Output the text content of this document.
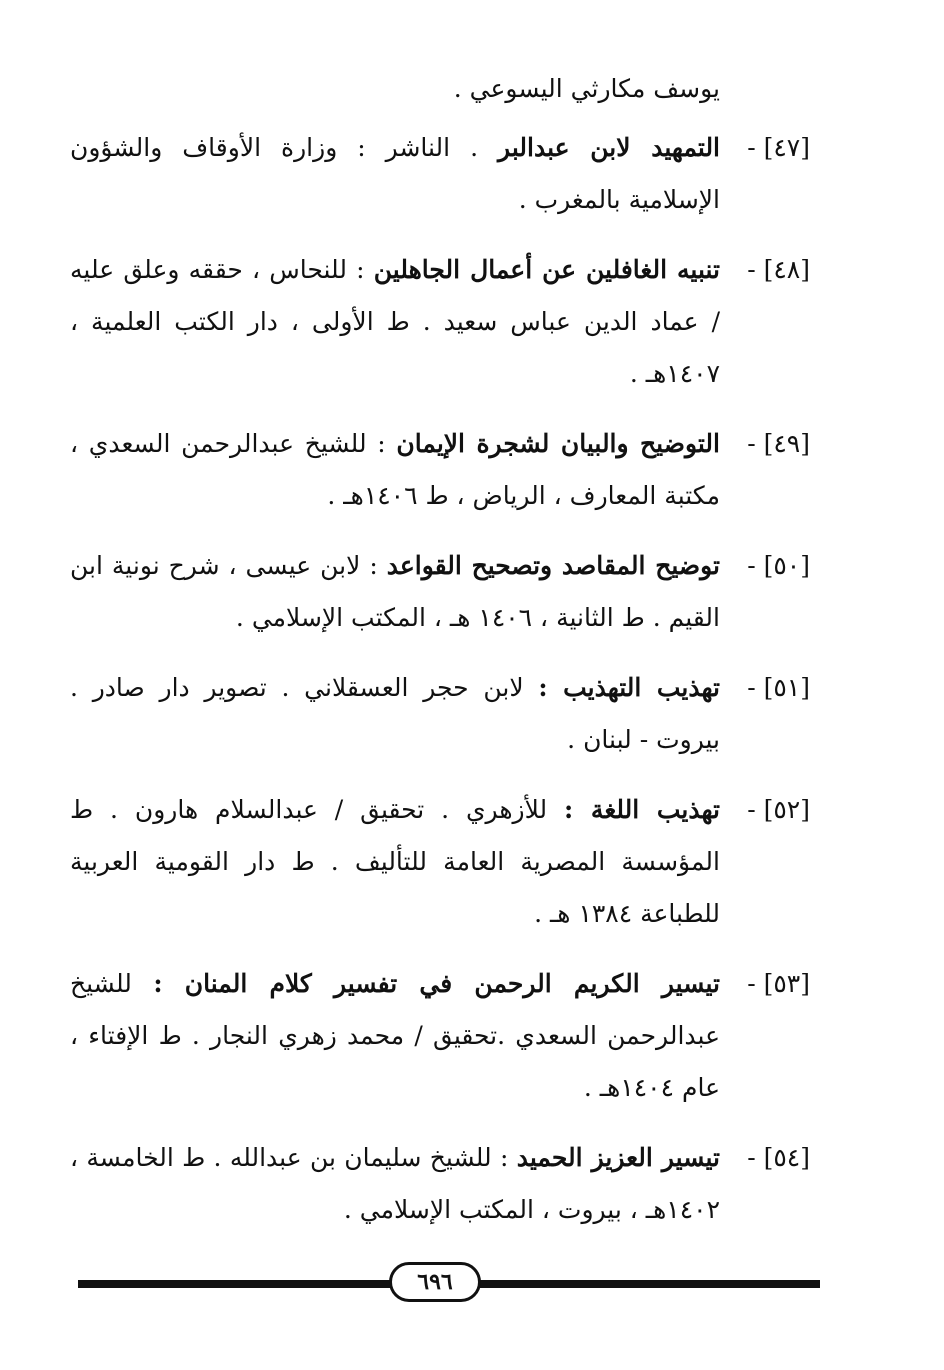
يوسف مكارثي اليسوعي .
[٤٧] -
التمهيد لابن عبدالبر . الناشر : وزارة الأوقاف والشؤون الإسلامية بالمغرب .
[٤٨] -
تنبيه الغافلين عن أعمال الجاهلين : للنحاس ، حققه وعلق عليه / عماد الدين عباس سعيد . ط الأولى ، دار الكتب العلمية ، ١٤٠٧هـ .
[٤٩] -
التوضيح والبيان لشجرة الإيمان : للشيخ عبدالرحمن السعدي ، مكتبة المعارف ، الرياض ، ط ١٤٠٦هـ .
[٥٠] -
توضيح المقاصد وتصحيح القواعد : لابن عيسى ، شرح نونية ابن القيم . ط الثانية ، ١٤٠٦ هـ ، المكتب الإسلامي .
[٥١] -
تهذيب التهذيب : لابن حجر العسقلاني . تصوير دار صادر . بيروت - لبنان .
[٥٢] -
تهذيب اللغة : للأزهري . تحقيق / عبدالسلام هارون . ط المؤسسة المصرية العامة للتأليف . ط دار القومية العربية للطباعة ١٣٨٤ هـ .
[٥٣] -
تيسير الكريم الرحمن في تفسير كلام المنان : للشيخ عبدالرحمن السعدي .تحقيق / محمد زهري النجار . ط الإفتاء ، عام ١٤٠٤هـ .
[٥٤] -
تيسير العزيز الحميد : للشيخ سليمان بن عبدالله . ط الخامسة ، ١٤٠٢هـ ، بيروت ، المكتب الإسلامي .
٦٩٦
